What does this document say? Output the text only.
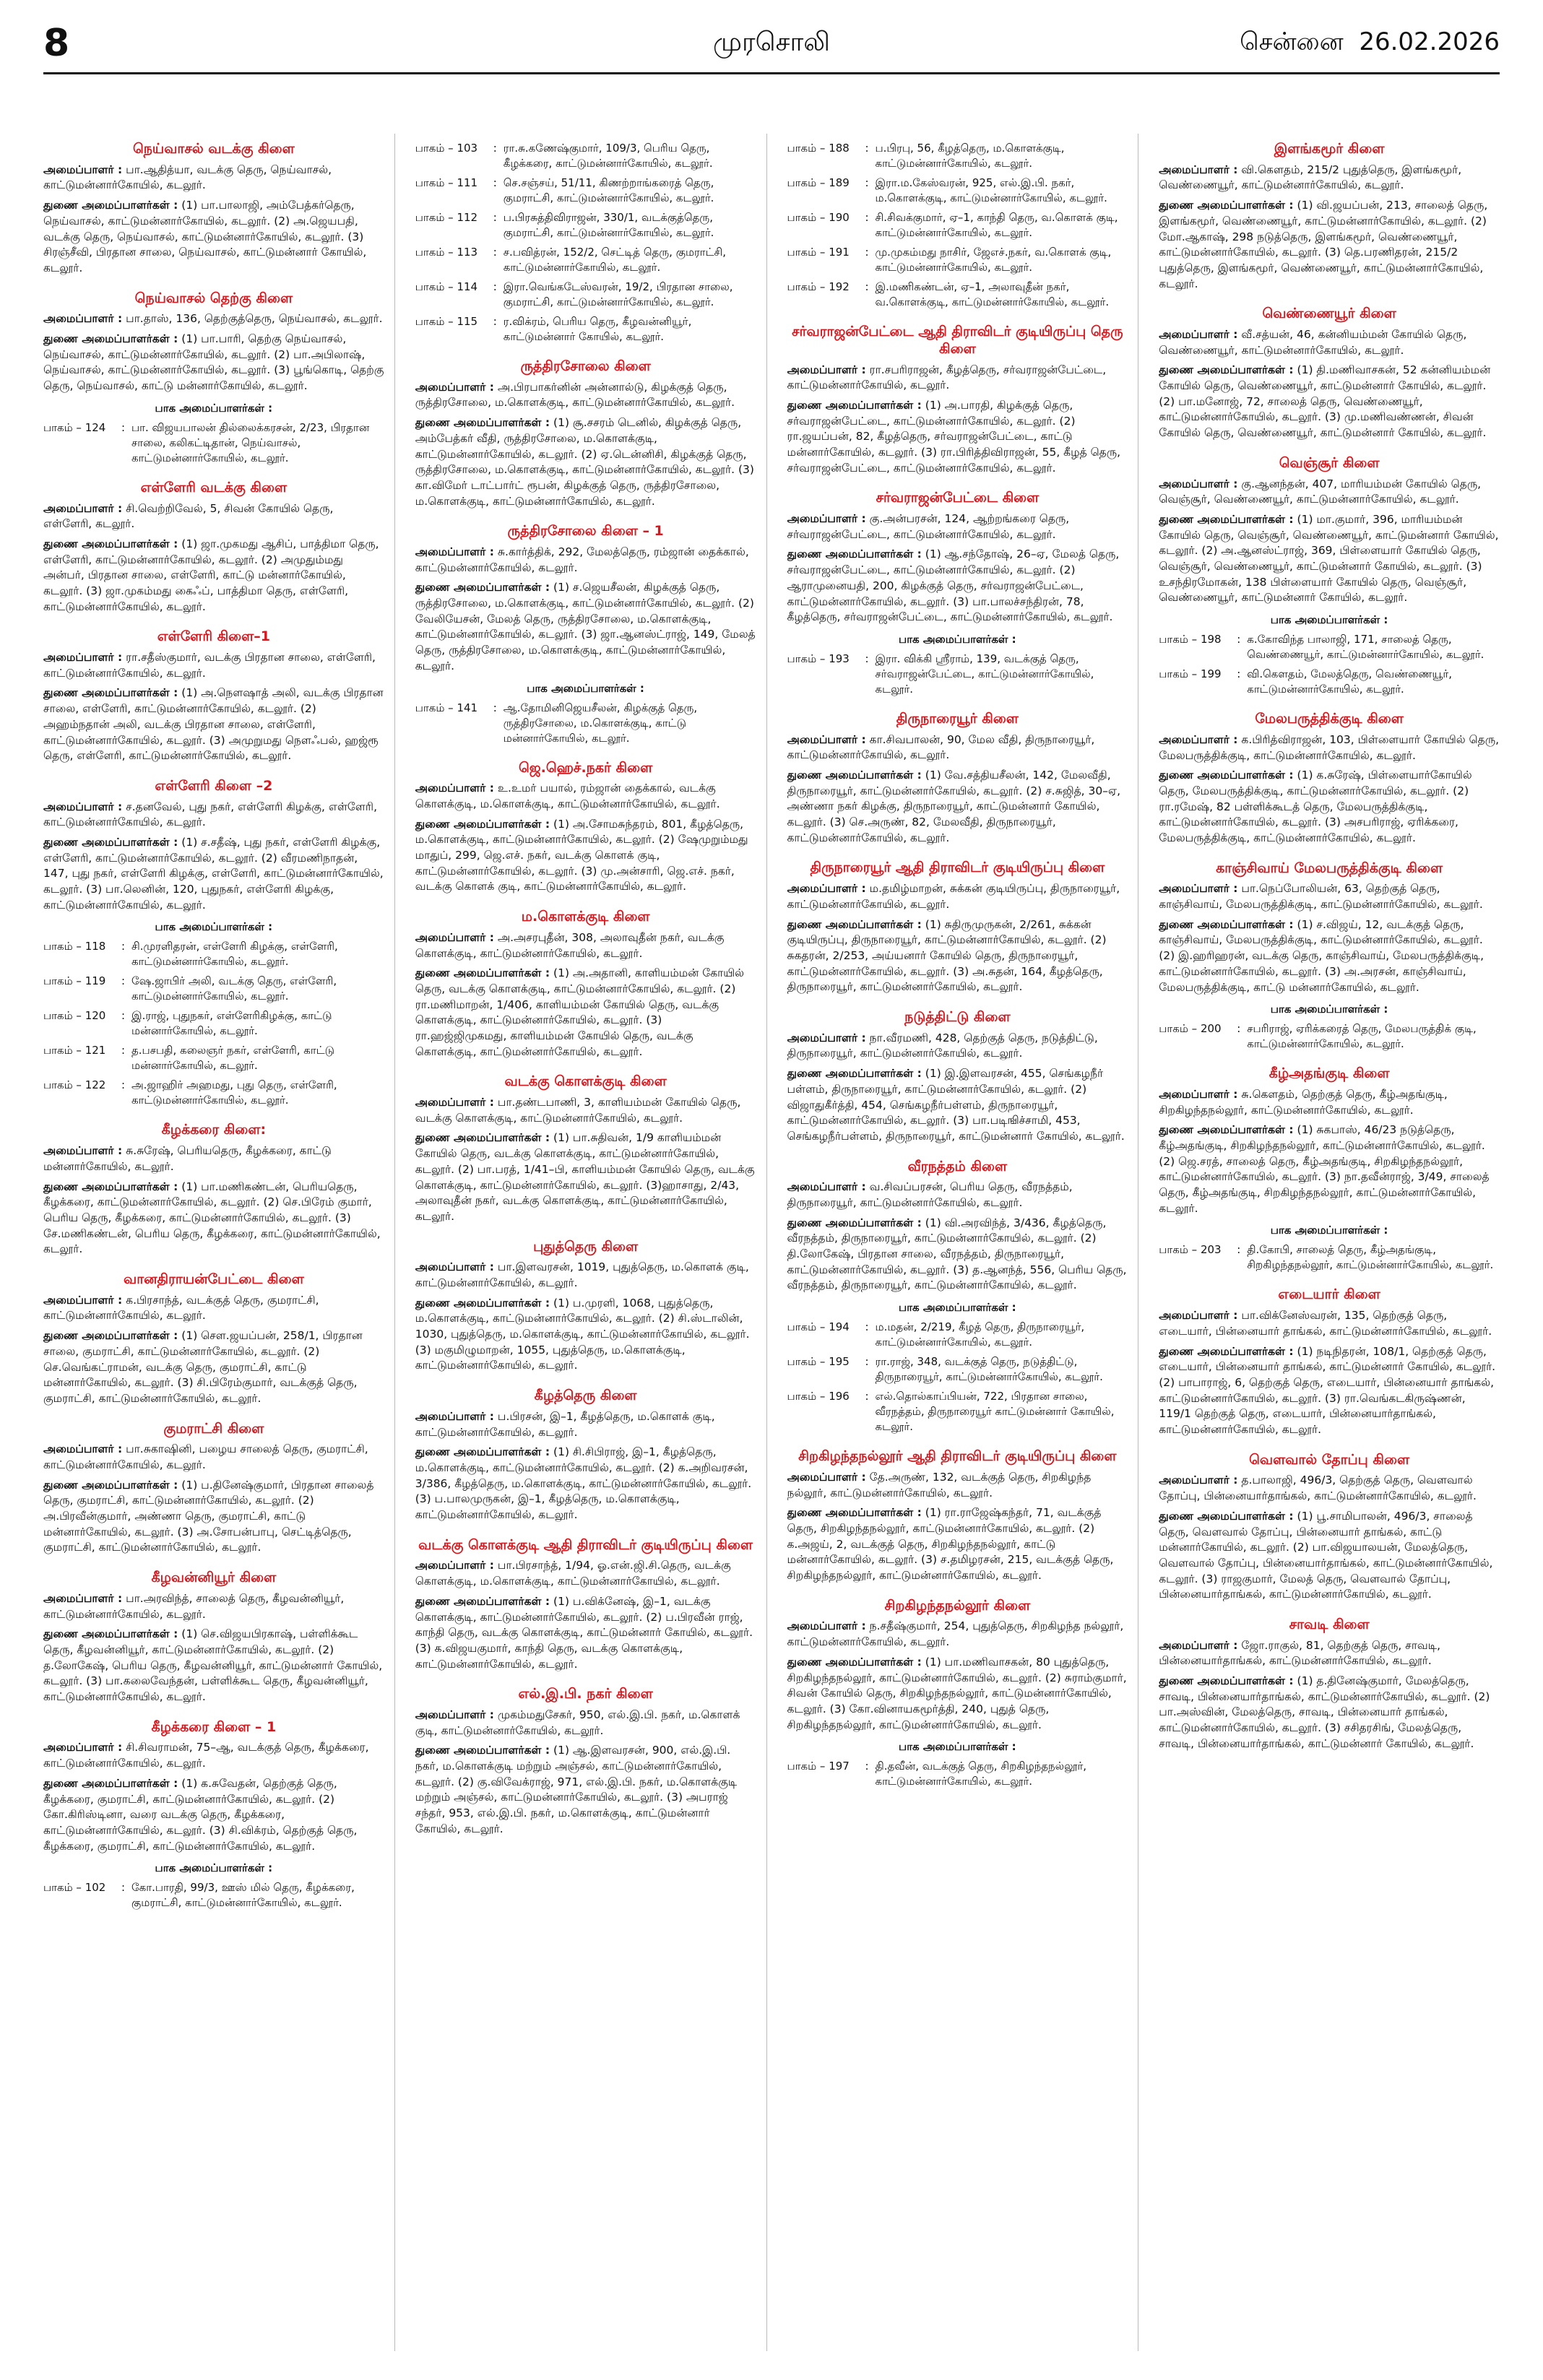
8	முரசொலி	சென்னை 26.02.2026
நெய்வாசல் வடக்கு கிளை
அமைப்பாளர் : பா.ஆதித்யா, வடக்கு தெரு, நெய்வாசல், காட்டுமன்னார்கோயில், கடலூர்.
துணை அமைப்பாளர்கள் : (1) பா.பாலாஜி, அம்பேத்கர்தெரு, நெய்வாசல், காட்டுமன்னார்கோயில், கடலூர். (2) அ.ஜெயபதி, வடக்கு தெரு, நெய்வாசல், காட்டுமன்னார்கோயில், கடலூர். (3) சிரஞ்சீவி, பிரதான சாலை, நெய்வாசல், காட்டுமன்னார் கோயில், கடலூர்.
நெய்வாசல் தெற்கு கிளை
அமைப்பாளர் : பா.தாஸ், 136, தெற்குத்தெரு, நெய்வாசல், கடலூர்.
துணை அமைப்பாளர்கள் : (1) பா.பாரி, தெற்கு நெய்வாசல், நெய்வாசல், காட்டுமன்னார்கோயில், கடலூர். (2) பா.அபிலாஷ், நெய்வாசல், காட்டுமன்னார்கோயில், கடலூர். (3) பூங்கொடி, தெற்கு தெரு, நெய்வாசல், காட்டு மன்னார்கோயில், கடலூர்.
பாக அமைப்பாளர்கள் :
பாகம் – 124	: பா. விஜயபாலன் தில்லைக்கரசன், 2/23, பிரதான சாலை, கலிகட்டிதான், நெய்வாசல், காட்டுமன்னார்கோயில், கடலூர்.
எள்ளேரி வடக்கு கிளை
அமைப்பாளர் : சி.வெற்றிவேல், 5, சிவன் கோயில் தெரு, எள்ளேரி, கடலூர்.
துணை அமைப்பாளர்கள் : (1) ஜா.முகமது ஆசிப், பாத்திமா தெரு, எள்ளேரி, காட்டுமன்னார்கோயில், கடலூர். (2) அமுதும்மது அன்பர், பிரதான சாலை, எள்ளேரி, காட்டு மன்னார்கோயில், கடலூர். (3) ஜா.முகம்மது கைஃப், பாத்திமா தெரு, எள்ளேரி, காட்டுமன்னார்கோயில், கடலூர்.
எள்ளேரி கிளை–1
அமைப்பாளர் : ரா.சதீஸ்குமார், வடக்கு பிரதான சாலை, எள்ளேரி, காட்டுமன்னார்கோயில், கடலூர்.
துணை அமைப்பாளர்கள் : (1) அ.நௌஷாத் அலி, வடக்கு பிரதான சாலை, எள்ளேரி, காட்டுமன்னார்கோயில், கடலூர். (2) அஹம்நதான் அலி, வடக்கு பிரதான சாலை, எள்ளேரி, காட்டுமன்னார்கோயில், கடலூர். (3) அமுறுமது நௌஃபல், ஹஜ்ரூ தெரு, எள்ளேரி, காட்டுமன்னார்கோயில், கடலூர்.
எள்ளேரி கிளை –2
அமைப்பாளர் : ச.தனவேல், புது நகர், எள்ளேரி கிழக்கு, எள்ளேரி, காட்டுமன்னார்கோயில், கடலூர்.
துணை அமைப்பாளர்கள் : (1) ச.சதீஷ், புது நகர், எள்ளேரி கிழக்கு, எள்ளேரி, காட்டுமன்னார்கோயில், கடலூர். (2) வீரமணிநாதன், 147, புது நகர், எள்ளேரி கிழக்கு, எள்ளேரி, காட்டுமன்னார்கோயில், கடலூர். (3) பா.லெனின், 120, புதுநகர், எள்ளேரி கிழக்கு, காட்டுமன்னார்கோயில், கடலூர்.
பாக அமைப்பாளர்கள் :
பாகம் – 118	: சி.முரளிதரன், எள்ளேரி கிழக்கு, எள்ளேரி, காட்டுமன்னார்கோயில், கடலூர்.
பாகம் – 119	: ஷே.ஜாபிர் அலி, வடக்கு தெரு, எள்ளேரி, காட்டுமன்னார்கோயில், கடலூர்.
பாகம் – 120	: இ.ராஜ், புதுநகர், எள்ளேரிகிழக்கு, காட்டு மன்னார்கோயில், கடலூர்.
பாகம் – 121	: த.பசபதி, கலைஞர் நகர், எள்ளேரி, காட்டு மன்னார்கோயில், கடலூர்.
பாகம் – 122	: அ.ஜாஹிர் அஹமது, புது தெரு, எள்ளேரி, காட்டுமன்னார்கோயில், கடலூர்.
கீழக்கரை கிளை:
அமைப்பாளர் : சு.சுரேஷ், பெரியதெரு, கீழக்கரை, காட்டு மன்னார்கோயில், கடலூர்.
துணை அமைப்பாளர்கள் : (1) பா.மணிகண்டன், பெரியதெரு, கீழக்கரை, காட்டுமன்னார்கோயில், கடலூர். (2) செ.பிரேம் குமார், பெரிய தெரு, கீழக்கரை, காட்டுமன்னார்கோயில், கடலூர். (3) சே.மணிகண்டன், பெரிய தெரு, கீழக்கரை, காட்டுமன்னார்கோயில், கடலூர்.
வானதிராயன்பேட்டை கிளை
அமைப்பாளர் : க.பிரசாந்த், வடக்குத் தெரு, குமராட்சி, காட்டுமன்னார்கோயில், கடலூர்.
துணை அமைப்பாளர்கள் : (1) சௌ.ஜயப்பன், 258/1, பிரதான சாலை, குமராட்சி, காட்டுமன்னார்கோயில், கடலூர். (2) செ.வெங்கட்ராமன், வடக்கு தெரு, குமராட்சி, காட்டு மன்னார்கோயில், கடலூர். (3) சி.பிரேம்குமார், வடக்குத் தெரு, குமராட்சி, காட்டுமன்னார்கோயில், கடலூர்.
குமராட்சி கிளை
அமைப்பாளர் : பா.சுகாஷினி, பழைய சாலைத் தெரு, குமராட்சி, காட்டுமன்னார்கோயில், கடலூர்.
துணை அமைப்பாளர்கள் : (1) ப.தினேஷ்குமார், பிரதான சாலைத் தெரு, குமராட்சி, காட்டுமன்னார்கோயில், கடலூர். (2) அ.பிரவீன்குமார், அண்ணா தெரு, குமராட்சி, காட்டு மன்னார்கோயில், கடலூர். (3) அ.சோபன்பாபு, செட்டித்தெரு, குமராட்சி, காட்டுமன்னார்கோயில், கடலூர்.
கீழவன்னியூர் கிளை
அமைப்பாளர் : பா.அரவிந்த், சாலைத் தெரு, கீழவன்னியூர், காட்டுமன்னார்கோயில், கடலூர்.
துணை அமைப்பாளர்கள் : (1) செ.விஜயபிரகாஷ், பள்ளிக்கூட தெரு, கீழவன்னியூர், காட்டுமன்னார்கோயில், கடலூர். (2) த.லோகேஷ், பெரிய தெரு, கீழவன்னியூர், காட்டுமன்னார் கோயில், கடலூர். (3) பா.கலைவேந்தன், பள்ளிக்கூட தெரு, கீழவன்னியூர், காட்டுமன்னார்கோயில், கடலூர்.
கீழக்கரை கிளை – 1
அமைப்பாளர் : சி.சிவராமன், 75–ஆ, வடக்குத் தெரு, கீழக்கரை, காட்டுமன்னார்கோயில், கடலூர்.
துணை அமைப்பாளர்கள் : (1) க.சுவேதன், தெற்குத் தெரு, கீழக்கரை, குமராட்சி, காட்டுமன்னார்கோயில், கடலூர். (2) கோ.கிரிஸ்டினா, வரை வடக்கு தெரு, கீழக்கரை, காட்டுமன்னார்கோயில், கடலூர். (3) சி.விக்ரம், தெற்குத் தெரு, கீழக்கரை, குமராட்சி, காட்டுமன்னார்கோயில், கடலூர்.
பாக அமைப்பாளர்கள் :
பாகம் – 102	: கோ.பாரதி, 99/3, ஊஸ் மில் தெரு, கீழக்கரை, குமராட்சி, காட்டுமன்னார்கோயில், கடலூர்.
பாகம் – 103	: ரா.சு.கணேஷ்குமார், 109/3, பெரிய தெரு, கீழக்கரை, காட்டுமன்னார்கோயில், கடலூர்.
பாகம் – 111	: செ.சஞ்சய், 51/11, கிணற்றாங்கரைத் தெரு, குமராட்சி, காட்டுமன்னார்கோயில், கடலூர்.
பாகம் – 112	: ப.பிரசுத்திவிராஜன், 330/1, வடக்குத்தெரு, குமராட்சி, காட்டுமன்னார்கோயில், கடலூர்.
பாகம் – 113	: ச.பவித்ரன், 152/2, செட்டித் தெரு, குமராட்சி, காட்டுமன்னார்கோயில், கடலூர்.
பாகம் – 114	: இரா.வெங்கடேஸ்வரன், 19/2, பிரதான சாலை, குமராட்சி, காட்டுமன்னார்கோயில், கடலூர்.
பாகம் – 115	: ர.விக்ரம், பெரிய தெரு, கீழவன்னியூர், காட்டுமன்னார் கோயில், கடலூர்.
ருத்திரசோலை கிளை
அமைப்பாளர் : அ.பிரபாகர்னின் அன்னால்டு, கிழக்குத் தெரு, ருத்திரசோலை, ம.கொளக்குடி, காட்டுமன்னார்கோயில், கடலூர்.
துணை அமைப்பாளர்கள் : (1) சூ.சசரம் டெனில், கிழக்குத் தெரு, அம்பேத்கர் வீதி, ருத்திரசோலை, ம.கொளக்குடி, காட்டுமன்னார்கோயில், கடலூர். (2) ஏ.டென்னிசி, கிழக்குத் தெரு, ருத்திரசோலை, ம.கொளக்குடி, காட்டுமன்னார்கோயில், கடலூர். (3) கா.விமேர் டாட்பார்ட் ரூபன், கிழக்குத் தெரு, ருத்திரசோலை, ம.கொளக்குடி, காட்டுமன்னார்கோயில், கடலூர்.
ருத்திரசோலை கிளை – 1
அமைப்பாளர் : சு.கார்த்திக், 292, மேலத்தெரு, ரம்ஜான் தைக்கால், காட்டுமன்னார்கோயில், கடலூர்.
துணை அமைப்பாளர்கள் : (1) ச.ஜெயசீலன், கிழக்குத் தெரு, ருத்திரசோலை, ம.கொளக்குடி, காட்டுமன்னார்கோயில், கடலூர். (2) வேலியேசன், மேலத் தெரு, ருத்திரசோலை, ம.கொளக்குடி, காட்டுமன்னார்கோயில், கடலூர். (3) ஜா.ஆனஸ்ட்ராஜ், 149, மேலத் தெரு, ருத்திரசோலை, ம.கொளக்குடி, காட்டுமன்னார்கோயில், கடலூர்.
பாக அமைப்பாளர்கள் :
பாகம் – 141	: ஆ.தோமினிஜெயசீலன், கிழக்குத் தெரு, ருத்திரசோலை, ம.கொளக்குடி, காட்டு மன்னார்கோயில், கடலூர்.
ஜெ.ஹெச்.நகர் கிளை
அமைப்பாளர் : உ.உமர் பயால், ரம்ஜான் தைக்கால், வடக்கு கொளக்குடி, ம.கொளக்குடி, காட்டுமன்னார்கோயில், கடலூர்.
துணை அமைப்பாளர்கள் : (1) அ.சோமசுந்தரம், 801, கீழத்தெரு, ம.கொளக்குடி, காட்டுமன்னார்கோயில், கடலூர். (2) ஷேமுறும்மது மாதுப், 299, ஜெ.எச். நகர், வடக்கு கொளக் குடி, காட்டுமன்னார்கோயில், கடலூர். (3) மு.அன்சாரி, ஜெ.எச். நகர், வடக்கு கொளக் குடி, காட்டுமன்னார்கோயில், கடலூர்.
ம.கொளக்குடி கிளை
அமைப்பாளர் : அ.அசரபுதீன், 308, அலாவுதீன் நகர், வடக்கு கொளக்குடி, காட்டுமன்னார்கோயில், கடலூர்.
துணை அமைப்பாளர்கள் : (1) அ.அதானி, காளியம்மன் கோயில் தெரு, வடக்கு கொளக்குடி, காட்டுமன்னார்கோயில், கடலூர். (2) ரா.மணிமாறன், 1/406, காளியம்மன் கோயில் தெரு, வடக்கு கொளக்குடி, காட்டுமன்னார்கோயில், கடலூர். (3) ரா.ஹஜ்ஜிமுகமது, காளியம்மன் கோயில் தெரு, வடக்கு கொளக்குடி, காட்டுமன்னார்கோயில், கடலூர்.
வடக்கு கொளக்குடி கிளை
அமைப்பாளர் : பா.தண்டபாணி, 3, காளியம்மன் கோயில் தெரு, வடக்கு கொளக்குடி, காட்டுமன்னார்கோயில், கடலூர்.
துணை அமைப்பாளர்கள் : (1) பா.சுதிவன், 1/9 காளியம்மன் கோயில் தெரு, வடக்கு கொளக்குடி, காட்டுமன்னார்கோயில், கடலூர். (2) பா.பரத், 1/41–பி, காளியம்மன் கோயில் தெரு, வடக்கு கொளக்குடி, காட்டுமன்னார்கோயில், கடலூர். (3)ஹாசாது, 2/43, அலாவுதீன் நகர், வடக்கு கொளக்குடி, காட்டுமன்னார்கோயில், கடலூர்.
புதுத்தெரு கிளை
அமைப்பாளர் : பா.இளவரசன், 1019, புதுத்தெரு, ம.கொளக் குடி, காட்டுமன்னார்கோயில், கடலூர்.
துணை அமைப்பாளர்கள் : (1) ப.முரளி, 1068, புதுத்தெரு, ம.கொளக்குடி, காட்டுமன்னார்கோயில், கடலூர். (2) சி.ஸ்டாலின், 1030, புதுத்தெரு, ம.கொளக்குடி, காட்டுமன்னார்கோயில், கடலூர். (3) மகுமிழுமாறன், 1055, புதுத்தெரு, ம.கொளக்குடி, காட்டுமன்னார்கோயில், கடலூர்.
கீழத்தெரு கிளை
அமைப்பாளர் : ப.பிரசன், இ–1, கீழத்தெரு, ம.கொளக் குடி, காட்டுமன்னார்கோயில், கடலூர்.
துணை அமைப்பாளர்கள் : (1) சி.சிபிராஜ், இ–1, கீழத்தெரு, ம.கொளக்குடி, காட்டுமன்னார்கோயில், கடலூர். (2) க.அறிவரசன், 3/386, கீழத்தெரு, ம.கொளக்குடி, காட்டுமன்னார்கோயில், கடலூர். (3) ப.பாலமுருகன், இ–1, கீழத்தெரு, ம.கொளக்குடி, காட்டுமன்னார்கோயில், கடலூர்.
வடக்கு கொளக்குடி ஆதி திராவிடர் குடியிருப்பு கிளை
அமைப்பாளர் : பா.பிரசாந்த், 1/94, ஓ.என்.ஜி.சி.தெரு, வடக்கு கொளக்குடி, ம.கொளக்குடி, காட்டுமன்னார்கோயில், கடலூர்.
துணை அமைப்பாளர்கள் : (1) ப.விக்னேஷ், இ–1, வடக்கு கொளக்குடி, காட்டுமன்னார்கோயில், கடலூர். (2) ப.பிரவீன் ராஜ், காந்தி தெரு, வடக்கு கொளக்குடி, காட்டுமன்னார் கோயில், கடலூர். (3) க.விஜயகுமார், காந்தி தெரு, வடக்கு கொளக்குடி, காட்டுமன்னார்கோயில், கடலூர்.
எல்.இ.பி. நகர் கிளை
அமைப்பாளர் : முகம்மதுசேகர், 950, எல்.இ.பி. நகர், ம.கொளக் குடி, காட்டுமன்னார்கோயில், கடலூர்.
துணை அமைப்பாளர்கள் : (1) ஆ.இளவரசன், 900, எல்.இ.பி. நகர், ம.கொளக்குடி மற்றும் அஞ்சல், காட்டுமன்னார்கோயில், கடலூர். (2) கு.விவேக்ராஜ், 971, எல்.இ.பி. நகர், ம.கொளக்குடி மற்றும் அஞ்சல், காட்டுமன்னார்கோயில், கடலூர். (3) அபராஜ் சந்தர், 953, எல்.இ.பி. நகர், ம.கொளக்குடி, காட்டுமன்னார் கோயில், கடலூர்.
பாகம் – 188	: ப.பிரபு, 56, கீழத்தெரு, ம.கொளக்குடி, காட்டுமன்னார்கோயில், கடலூர்.
பாகம் – 189	: இரா.ம.கேஸ்வரன், 925, எல்.இ.பி. நகர், ம.கொளக்குடி, காட்டுமன்னார்கோயில், கடலூர்.
பாகம் – 190	: சி.சிவக்குமார், ஏ–1, காந்தி தெரு, வ.கொளக் குடி, காட்டுமன்னார்கோயில், கடலூர்.
பாகம் – 191	: மு.முகம்மது நாசிர், ஜேஎச்.நகர், வ.கொளக் குடி, காட்டுமன்னார்கோயில், கடலூர்.
பாகம் – 192	: இ.மணிகண்டன், ஏ–1, அலாவுதீன் நகர், வ.கொளக்குடி, காட்டுமன்னார்கோயில், கடலூர்.
சர்வராஜன்பேட்டை ஆதி திராவிடர் குடியிருப்பு தெரு கிளை
அமைப்பாளர் : ரா.சபரிராஜன், கீழத்தெரு, சர்வராஜன்பேட்டை, காட்டுமன்னார்கோயில், கடலூர்.
துணை அமைப்பாளர்கள் : (1) அ.பாரதி, கிழக்குத் தெரு, சர்வராஜன்பேட்டை, காட்டுமன்னார்கோயில், கடலூர். (2) ரா.ஜயப்பன், 82, கீழத்தெரு, சர்வராஜன்பேட்டை, காட்டு மன்னார்கோயில், கடலூர். (3) ரா.பிரித்திவிராஜன், 55, கீழத் தெரு, சர்வராஜன்பேட்டை, காட்டுமன்னார்கோயில், கடலூர்.
சர்வராஜன்பேட்டை கிளை
அமைப்பாளர் : கு.அன்பரசன், 124, ஆற்றங்கரை தெரு, சர்வராஜன்பேட்டை, காட்டுமன்னார்கோயில், கடலூர்.
துணை அமைப்பாளர்கள் : (1) ஆ.சந்தோஷ், 26–ஏ, மேலத் தெரு, சர்வராஜன்பேட்டை, காட்டுமன்னார்கோயில், கடலூர். (2) ஆராமுனையதி, 200, கிழக்குத் தெரு, சர்வராஜன்பேட்டை, காட்டுமன்னார்கோயில், கடலூர். (3) பா.பாலச்சந்திரன், 78, கீழத்தெரு, சர்வராஜன்பேட்டை, காட்டுமன்னார்கோயில், கடலூர்.
பாக அமைப்பாளர்கள் :
பாகம் – 193	: இரா. விக்கி ஸ்ரீராம், 139, வடக்குத் தெரு, சர்வராஜன்பேட்டை, காட்டுமன்னார்கோயில், கடலூர்.
திருநாரையூர் கிளை
அமைப்பாளர் : கா.சிவபாலன், 90, மேல வீதி, திருநாரையூர், காட்டுமன்னார்கோயில், கடலூர்.
துணை அமைப்பாளர்கள் : (1) வே.சத்தியசீலன், 142, மேலவீதி, திருநாரையூர், காட்டுமன்னார்கோயில், கடலூர். (2) ச.சுஜித், 30–ஏ, அண்ணா நகர் கிழக்கு, திருநாரையூர், காட்டுமன்னார் கோயில், கடலூர். (3) செ.அருண், 82, மேலவீதி, திருநாரையூர், காட்டுமன்னார்கோயில், கடலூர்.
திருநாரையூர் ஆதி திராவிடர் குடியிருப்பு கிளை
அமைப்பாளர் : ம.தமிழ்மாறன், சுக்கன் குடியிருப்பு, திருநாரையூர், காட்டுமன்னார்கோயில், கடலூர்.
துணை அமைப்பாளர்கள் : (1) சுதிருமுருகன், 2/261, சுக்கன் குடியிருப்பு, திருநாரையூர், காட்டுமன்னார்கோயில், கடலூர். (2) சுகதரன், 2/253, அய்யனார் கோயில் தெரு, திருநாரையூர், காட்டுமன்னார்கோயில், கடலூர். (3) அ.சுதன், 164, கீழத்தெரு, திருநாரையூர், காட்டுமன்னார்கோயில், கடலூர்.
நடுத்திட்டு கிளை
அமைப்பாளர் : நா.வீரமணி, 428, தெற்குத் தெரு, நடுத்திட்டு, திருநாரையூர், காட்டுமன்னார்கோயில், கடலூர்.
துணை அமைப்பாளர்கள் : (1) இ.இளவரசன், 455, செங்கழநீர் பள்ளம், திருநாரையூர், காட்டுமன்னார்கோயில், கடலூர். (2) விஜாதுகீர்த்தி, 454, செங்கழநீர்பள்ளம், திருநாரையூர், காட்டுமன்னார்கோயில், கடலூர். (3) பா.படிஙிச்சாமி, 453, செங்கழநீர்பள்ளம், திருநாரையூர், காட்டுமன்னார் கோயில், கடலூர்.
வீரநத்தம் கிளை
அமைப்பாளர் : வ.சிவப்பரசன், பெரிய தெரு, வீரநத்தம், திருநாரையூர், காட்டுமன்னார்கோயில், கடலூர்.
துணை அமைப்பாளர்கள் : (1) வி.அரவிந்த், 3/436, கீழத்தெரு, வீரநத்தம், திருநாரையூர், காட்டுமன்னார்கோயில், கடலூர். (2) தி.லோகேஷ், பிரதான சாலை, வீரநத்தம், திருநாரையூர், காட்டுமன்னார்கோயில், கடலூர். (3) த.ஆனந்த், 556, பெரிய தெரு, வீரநத்தம், திருநாரையூர், காட்டுமன்னார்கோயில், கடலூர்.
பாக அமைப்பாளர்கள் :
பாகம் – 194	: ம.மதன், 2/219, கீழத் தெரு, திருநாரையூர், காட்டுமன்னார்கோயில், கடலூர்.
பாகம் – 195	: ரா.ராஜ், 348, வடக்குத் தெரு, நடுத்திட்டு, திருநாரையூர், காட்டுமன்னார்கோயில், கடலூர்.
பாகம் – 196	: எல்.தொல்காப்பியன், 722, பிரதான சாலை, வீரநத்தம், திருநாரையூர் காட்டுமன்னார் கோயில், கடலூர்.
சிறகிழந்தநல்லூர் ஆதி திராவிடர் குடியிருப்பு கிளை
அமைப்பாளர் : தே.அருண், 132, வடக்குத் தெரு, சிறகிழந்த நல்லூர், காட்டுமன்னார்கோயில், கடலூர்.
துணை அமைப்பாளர்கள் : (1) ரா.ராஜேஷ்கந்தர், 71, வடக்குத் தெரு, சிறகிழந்தநல்லூர், காட்டுமன்னார்கோயில், கடலூர். (2) க.அஜய், 2, வடக்குத் தெரு, சிறகிழந்தநல்லூர், காட்டு மன்னார்கோயில், கடலூர். (3) ச.தமிழரசன், 215, வடக்குத் தெரு, சிறகிழந்தநல்லூர், காட்டுமன்னார்கோயில், கடலூர்.
சிறகிழந்தநல்லூர் கிளை
அமைப்பாளர் : ந.சதீஷ்குமார், 254, புதுத்தெரு, சிறகிழந்த நல்லூர், காட்டுமன்னார்கோயில், கடலூர்.
துணை அமைப்பாளர்கள் : (1) பா.மணிவாசகன், 80 புதுத்தெரு, சிறகிழந்தநல்லூர், காட்டுமன்னார்கோயில், கடலூர். (2) சுராம்குமார், சிவன் கோயில் தெரு, சிறகிழந்தநல்லூர், காட்டுமன்னார்கோயில், கடலூர். (3) கோ.வினாயகமூர்த்தி, 240, புதுத் தெரு, சிறகிழந்தநல்லூர், காட்டுமன்னார்கோயில், கடலூர்.
பாக அமைப்பாளர்கள் :
பாகம் – 197	: தி.தவீன், வடக்குத் தெரு, சிறகிழந்தநல்லூர், காட்டுமன்னார்கோயில், கடலூர்.
இளங்கமூர் கிளை
அமைப்பாளர் : வி.கௌதம், 215/2 புதுத்தெரு, இளங்கமூர், வெண்ணையூர், காட்டுமன்னார்கோயில், கடலூர்.
துணை அமைப்பாளர்கள் : (1) வி.ஜயப்பன், 213, சாலைத் தெரு, இளங்கமூர், வெண்ணையூர், காட்டுமன்னார்கோயில், கடலூர். (2) மோ.ஆகாஷ், 298 நடுத்தெரு, இளங்கமூர், வெண்ணையூர், காட்டுமன்னார்கோயில், கடலூர். (3) தெ.பரணிதரன், 215/2 புதுத்தெரு, இளங்கமூர், வெண்ணையூர், காட்டுமன்னார்கோயில், கடலூர்.
வெண்ணையூர் கிளை
அமைப்பாளர் : வீ.சத்யன், 46, கன்னியம்மன் கோயில் தெரு, வெண்ணையூர், காட்டுமன்னார்கோயில், கடலூர்.
துணை அமைப்பாளர்கள் : (1) தி.மணிவாசகன், 52 கன்னியம்மன் கோயில் தெரு, வெண்ணையூர், காட்டுமன்னார் கோயில், கடலூர். (2) பா.மனோஜ், 72, சாலைத் தெரு, வெண்ணையூர், காட்டுமன்னார்கோயில், கடலூர். (3) மு.மணிவண்ணன், சிவன் கோயில் தெரு, வெண்ணையூர், காட்டுமன்னார் கோயில், கடலூர்.
வெஞ்சூர் கிளை
அமைப்பாளர் : கு.ஆனந்தன், 407, மாரியம்மன் கோயில் தெரு, வெஞ்சூர், வெண்ணையூர், காட்டுமன்னார்கோயில், கடலூர்.
துணை அமைப்பாளர்கள் : (1) மா.குமார், 396, மாரியம்மன் கோயில் தெரு, வெஞ்சூர், வெண்ணையூர், காட்டுமன்னார் கோயில், கடலூர். (2) அ.ஆனஸ்ட்ராஜ், 369, பிள்ளையார் கோயில் தெரு, வெஞ்சூர், வெண்ணையூர், காட்டுமன்னார் கோயில், கடலூர். (3) உசந்திரமோகன், 138 பிள்ளையார் கோயில் தெரு, வெஞ்சூர், வெண்ணையூர், காட்டுமன்னார் கோயில், கடலூர்.
பாக அமைப்பாளர்கள் :
பாகம் – 198	: க.கோவிந்த பாலாஜி, 171, சாலைத் தெரு, வெண்ணையூர், காட்டுமன்னார்கோயில், கடலூர்.
பாகம் – 199	: வி.கௌதம், மேலத்தெரு, வெண்ணையூர், காட்டுமன்னார்கோயில், கடலூர்.
மேலபருத்திக்குடி கிளை
அமைப்பாளர் : க.பிரித்விராஜன், 103, பிள்ளையார் கோயில் தெரு, மேலபருத்திக்குடி, காட்டுமன்னார்கோயில், கடலூர்.
துணை அமைப்பாளர்கள் : (1) க.சுரேஷ், பிள்ளையார்கோயில் தெரு, மேலபருத்திக்குடி, காட்டுமன்னார்கோயில், கடலூர். (2) ரா.ரமேஷ், 82 பள்ளிக்கூடத் தெரு, மேலபருத்திக்குடி, காட்டுமன்னார்கோயில், கடலூர். (3) அசபரிராஜ், ஏரிக்கரை, மேலபருத்திக்குடி, காட்டுமன்னார்கோயில், கடலூர்.
காஞ்சிவாய் மேலபருத்திக்குடி கிளை
அமைப்பாளர் : பா.நெப்போலியன், 63, தெற்குத் தெரு, காஞ்சிவாய், மேலபருத்திக்குடி, காட்டுமன்னார்கோயில், கடலூர்.
துணை அமைப்பாளர்கள் : (1) ச.விஜய், 12, வடக்குத் தெரு, காஞ்சிவாய், மேலபருத்திக்குடி, காட்டுமன்னார்கோயில், கடலூர். (2) இ.ஹரிஹரன், வடக்கு தெரு, காஞ்சிவாய், மேலபருத்திக்குடி, காட்டுமன்னார்கோயில், கடலூர். (3) அ.அரசன், காஞ்சிவாய், மேலபருத்திக்குடி, காட்டு மன்னார்கோயில், கடலூர்.
பாக அமைப்பாளர்கள் :
பாகம் – 200	: சபரிராஜ், ஏரிக்கரைத் தெரு, மேலபருத்திக் குடி, காட்டுமன்னார்கோயில், கடலூர்.
கீழ்அதங்குடி கிளை
அமைப்பாளர் : சு.கௌதம், தெற்குத் தெரு, கீழ்அதங்குடி, சிறகிழந்தநல்லூர், காட்டுமன்னார்கோயில், கடலூர்.
துணை அமைப்பாளர்கள் : (1) சுகபாஸ், 46/23 நடுத்தெரு, கீழ்அதங்குடி, சிறகிழந்தநல்லூர், காட்டுமன்னார்கோயில், கடலூர். (2) ஜெ.சரத், சாலைத் தெரு, கீழ்அதங்குடி, சிறகிழந்தநல்லூர், காட்டுமன்னார்கோயில், கடலூர். (3) நா.தவீன்ராஜ், 3/49, சாலைத் தெரு, கீழ்அதங்குடி, சிறகிழந்தநல்லூர், காட்டுமன்னார்கோயில், கடலூர்.
பாக அமைப்பாளர்கள் :
பாகம் – 203	: தி.கோபி, சாலைத் தெரு, கீழ்அதங்குடி, சிறகிழந்தநல்லூர், காட்டுமன்னார்கோயில், கடலூர்.
எடையார் கிளை
அமைப்பாளர் : பா.விக்னேஸ்வரன், 135, தெற்குத் தெரு, எடையார், பின்னையார் தாங்கல், காட்டுமன்னார்கோயில், கடலூர்.
துணை அமைப்பாளர்கள் : (1) நடிநிதரன், 108/1, தெற்குத் தெரு, எடையார், பின்னையார் தாங்கல், காட்டுமன்னார் கோயில், கடலூர். (2) பாபாராஜ், 6, தெற்குத் தெரு, எடையார், பின்னையார் தாங்கல், காட்டுமன்னார்கோயில், கடலூர். (3) ரா.வெங்கடகிருஷ்ணன், 119/1 தெற்குத் தெரு, எடையார், பின்னையார்தாங்கல், காட்டுமன்னார்கோயில், கடலூர்.
வெளவால் தோப்பு கிளை
அமைப்பாளர் : த.பாலாஜி, 496/3, தெற்குத் தெரு, வெளவால் தோப்பு, பின்னையார்தாங்கல், காட்டுமன்னார்கோயில், கடலூர்.
துணை அமைப்பாளர்கள் : (1) பூ.சாமிபாலன், 496/3, சாலைத் தெரு, வெளவால் தோப்பு, பின்னையார் தாங்கல், காட்டு மன்னார்கோயில், கடலூர். (2) பா.விஜயாலயன், மேலத்தெரு, வெளவால் தோப்பு, பின்னையார்தாங்கல், காட்டுமன்னார்கோயில், கடலூர். (3) ராஜகுமார், மேலத் தெரு, வெளவால் தோப்பு, பின்னையார்தாங்கல், காட்டுமன்னார்கோயில், கடலூர்.
சாவடி கிளை
அமைப்பாளர் : ஜோ.ராகுல், 81, தெற்குத் தெரு, சாவடி, பின்னையார்தாங்கல், காட்டுமன்னார்கோயில், கடலூர்.
துணை அமைப்பாளர்கள் : (1) த.தினேஷ்குமார், மேலத்தெரு, சாவடி, பின்னையார்தாங்கல், காட்டுமன்னார்கோயில், கடலூர். (2) பா.அஸ்வின், மேலத்தெரு, சாவடி, பின்னையார் தாங்கல், காட்டுமன்னார்கோயில், கடலூர். (3) சசிதரசிங், மேலத்தெரு, சாவடி, பின்னையார்தாங்கல், காட்டுமன்னார் கோயில், கடலூர்.
